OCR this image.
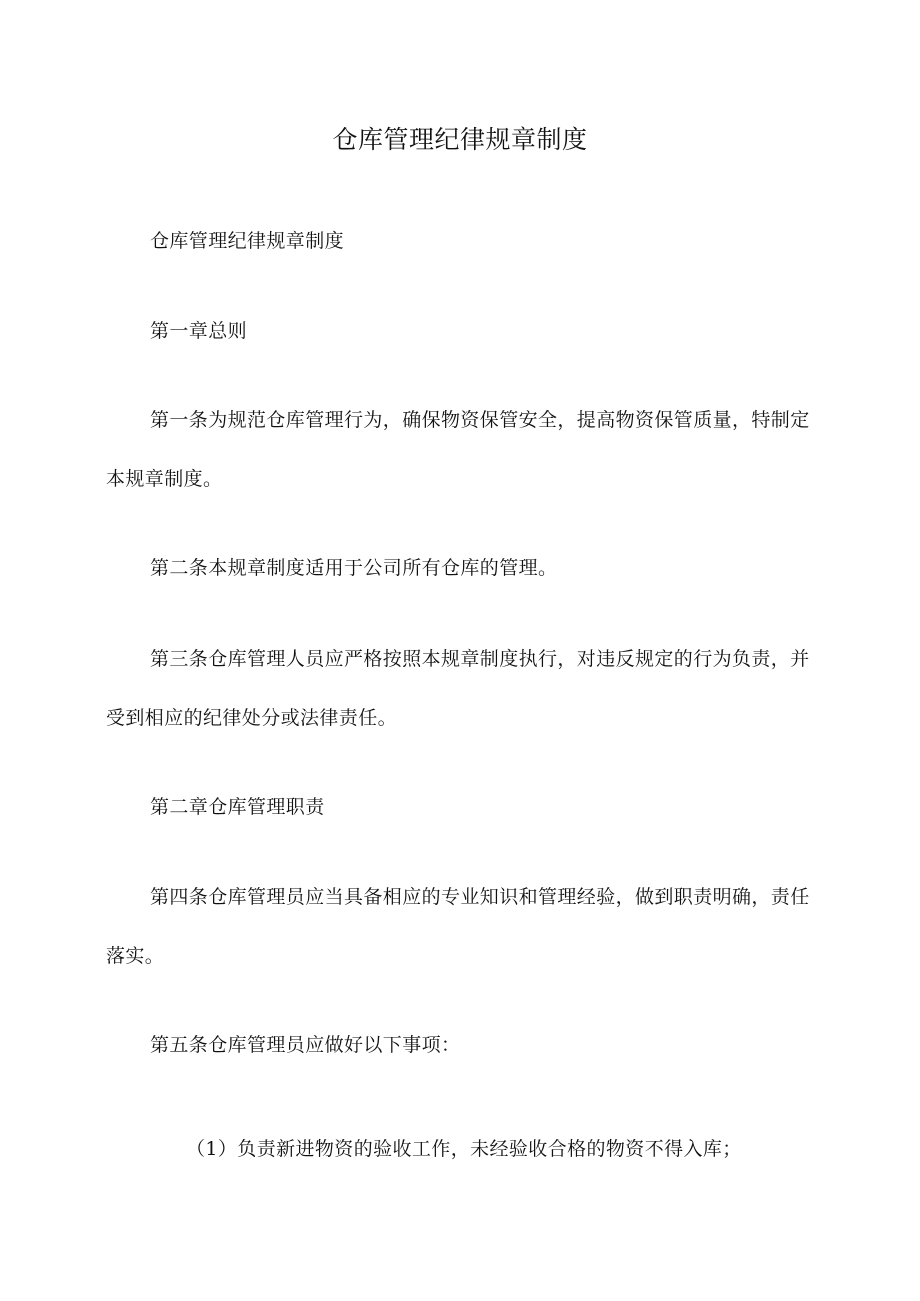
仓库管理纪律规章制度

仓库管理纪律规章制度

第一章总则

第一条为规范仓库管理行为，确保物资保管安全，提高物资保管质量，特制定本规章制度。

第二条本规章制度适用于公司所有仓库的管理。

第三条仓库管理人员应严格按照本规章制度执行，对违反规定的行为负责，并受到相应的纪律处分或法律责任。

第二章仓库管理职责

第四条仓库管理员应当具备相应的专业知识和管理经验，做到职责明确，责任落实。

第五条仓库管理员应做好以下事项：

（1）负责新进物资的验收工作，未经验收合格的物资不得入库；
